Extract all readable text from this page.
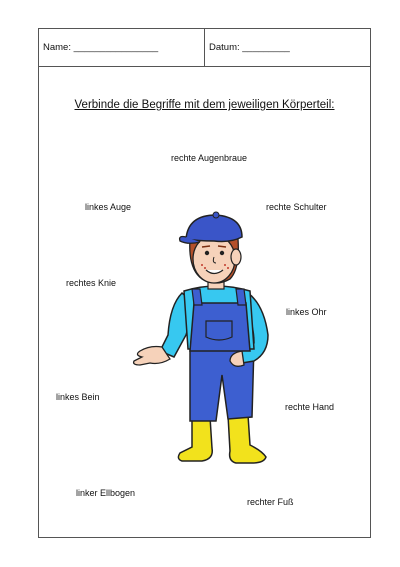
Name: ________________	Datum: _________
Verbinde die Begriffe mit dem jeweiligen Körperteil:
rechte Augenbraue
linkes Auge	rechte Schulter
rechtes Knie
linkes Ohr
linkes Bein
rechte Hand
linker Ellbogen
rechter Fuß
